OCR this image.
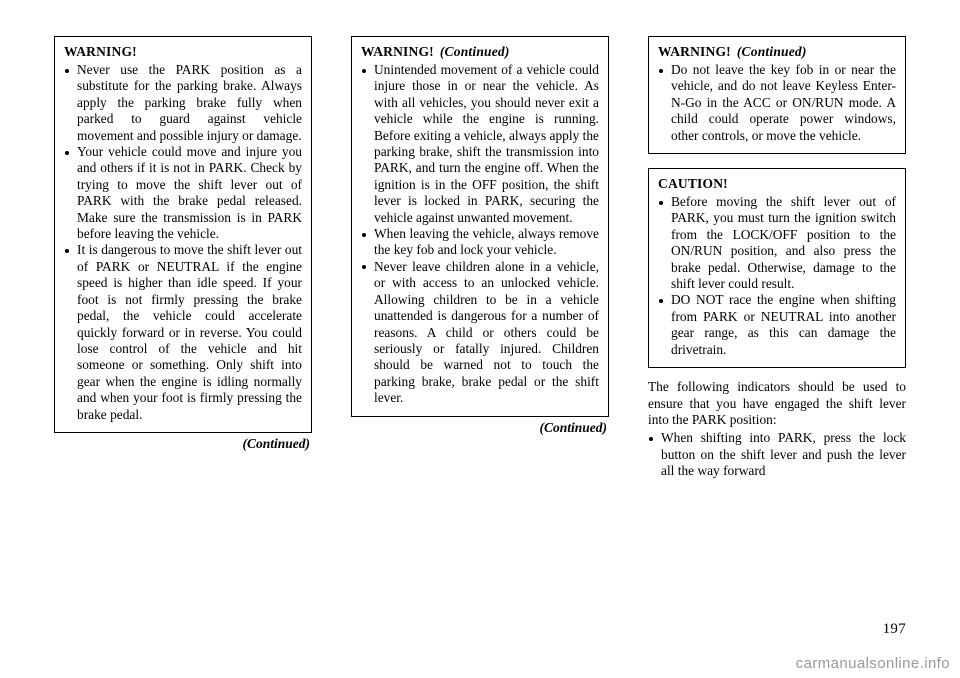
WARNING!
Never use the PARK position as a substitute for the parking brake. Always apply the parking brake fully when parked to guard against vehicle movement and possible injury or damage.
Your vehicle could move and injure you and others if it is not in PARK. Check by trying to move the shift lever out of PARK with the brake pedal released. Make sure the transmission is in PARK before leaving the vehicle.
It is dangerous to move the shift lever out of PARK or NEUTRAL if the engine speed is higher than idle speed. If your foot is not firmly pressing the brake pedal, the vehicle could accelerate quickly forward or in reverse. You could lose control of the vehicle and hit someone or something. Only shift into gear when the engine is idling normally and when your foot is firmly pressing the brake pedal.
(Continued)
WARNING! (Continued)
Unintended movement of a vehicle could injure those in or near the vehicle. As with all vehicles, you should never exit a vehicle while the engine is running. Before exiting a vehicle, always apply the parking brake, shift the transmission into PARK, and turn the engine off. When the ignition is in the OFF position, the shift lever is locked in PARK, securing the vehicle against unwanted movement.
When leaving the vehicle, always remove the key fob and lock your vehicle.
Never leave children alone in a vehicle, or with access to an unlocked vehicle. Allowing children to be in a vehicle unattended is dangerous for a number of reasons. A child or others could be seriously or fatally injured. Children should be warned not to touch the parking brake, brake pedal or the shift lever.
(Continued)
WARNING! (Continued)
Do not leave the key fob in or near the vehicle, and do not leave Keyless Enter-N-Go in the ACC or ON/RUN mode. A child could operate power windows, other controls, or move the vehicle.
CAUTION!
Before moving the shift lever out of PARK, you must turn the ignition switch from the LOCK/OFF position to the ON/RUN position, and also press the brake pedal. Otherwise, damage to the shift lever could result.
DO NOT race the engine when shifting from PARK or NEUTRAL into another gear range, as this can damage the drivetrain.
The following indicators should be used to ensure that you have engaged the shift lever into the PARK position:
When shifting into PARK, press the lock button on the shift lever and push the lever all the way forward
197
carmanualsonline.info
